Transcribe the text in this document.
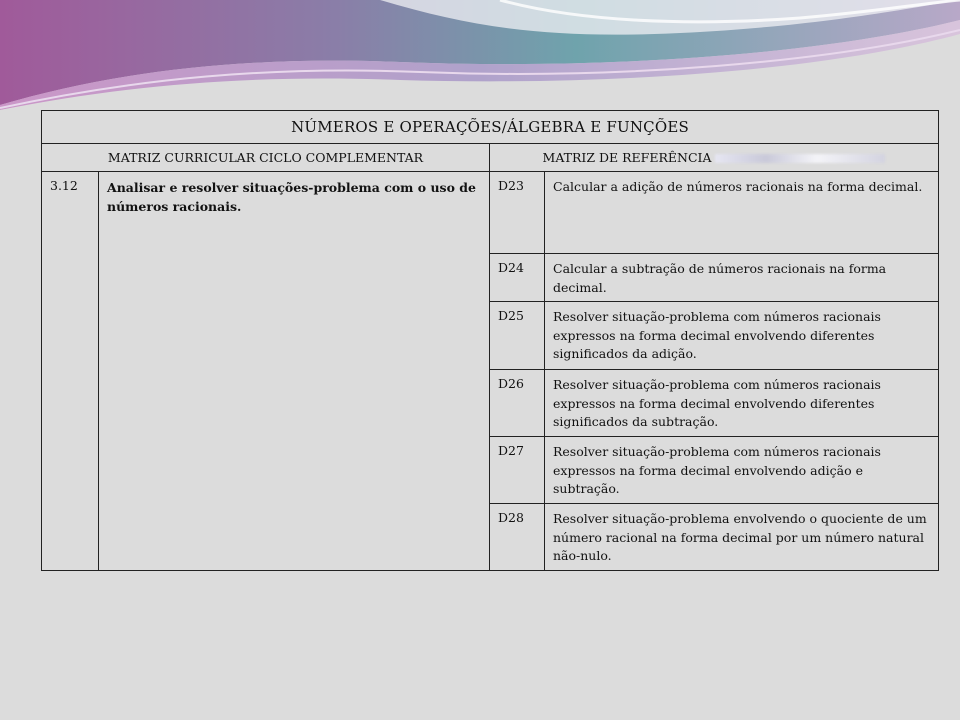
NÚMEROS E OPERAÇÕES/ÁLGEBRA E FUNÇÕES			
MATRIZ CURRICULAR CICLO COMPLEMENTAR		MATRIZ DE REFERÊNCIA	
3.12	Analisar e resolver situações-problema com o uso de números racionais.	D23	Calcular a adição de números racionais na forma decimal.
		D24	Calcular a subtração de números racionais na forma decimal.
		D25	Resolver situação-problema com números racionais expressos na forma decimal envolvendo diferentes significados da adição.
		D26	Resolver situação-problema com números racionais expressos na forma decimal envolvendo diferentes significados da subtração.
		D27	Resolver situação-problema com números racionais expressos na forma decimal envolvendo adição e subtração.
		D28	Resolver situação-problema envolvendo o quociente de um número racional na forma decimal por um número natural não-nulo.
